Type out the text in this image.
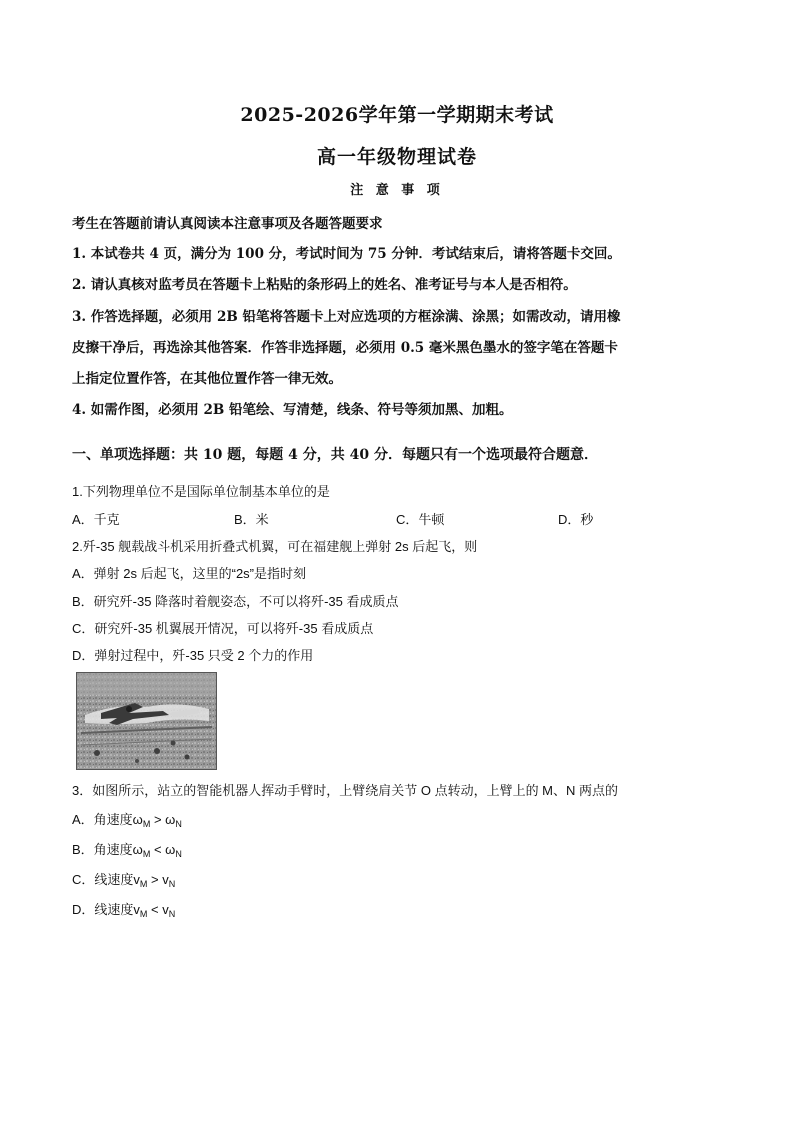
2025-2026学年第一学期期末考试
高一年级物理试卷
注 意 事 项
考生在答题前请认真阅读本注意事项及各题答题要求
1. 本试卷共 4 页，满分为 100 分，考试时间为 75 分钟．考试结束后，请将答题卡交回。
2. 请认真核对监考员在答题卡上粘贴的条形码上的姓名、准考证号与本人是否相符。
3. 作答选择题，必须用 2B 铅笔将答题卡上对应选项的方框涂满、涂黑；如需改动，请用橡
皮擦干净后，再选涂其他答案．作答非选择题，必须用 0.5 毫米黑色墨水的签字笔在答题卡
上指定位置作答，在其他位置作答一律无效。
4. 如需作图，必须用 2B 铅笔绘、写清楚，线条、符号等须加黑、加粗。
一、单项选择题：共 10 题，每题 4 分，共 40 分．每题只有一个选项最符合题意．
1.下列物理单位不是国际单位制基本单位的是
A．千克	B．米	C．牛顿	D．秒
2.歼-35 舰载战斗机采用折叠式机翼，可在福建舰上弹射 2s 后起飞，则
A．弹射 2s 后起飞，这里的“2s”是指时刻
B．研究歼-35 降落时着舰姿态，不可以将歼-35 看成质点
C．研究歼-35 机翼展开情况，可以将歼-35 看成质点
D．弹射过程中，歼-35 只受 2 个力的作用
3．如图所示，站立的智能机器人挥动手臂时，上臂绕肩关节 O 点转动，上臂上的 M、N 两点的
A．角速度$\omega_M > \omega_N$
B．角速度$\omega_M < \omega_N$
C．线速度$v_M > v_N$
D．线速度$v_M < v_N$
